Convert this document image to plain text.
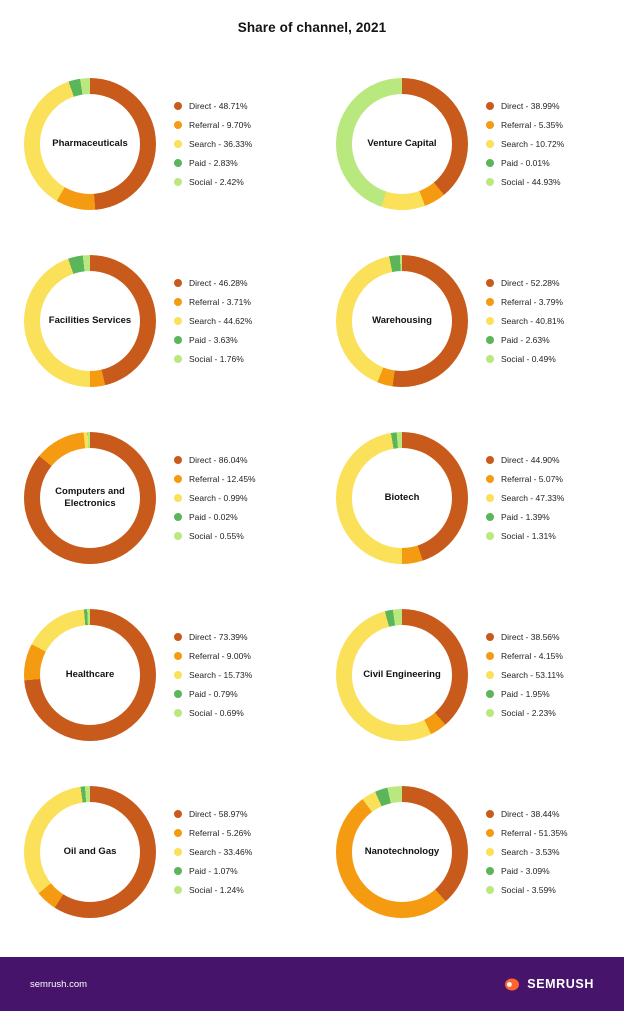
Share of channel, 2021
Pharmaceuticals
Direct - 48.71%
Referral - 9.70%
Search - 36.33%
Paid - 2.83%
Social - 2.42%
Venture Capital
Direct - 38.99%
Referral - 5.35%
Search - 10.72%
Paid - 0.01%
Social - 44.93%
Facilities Services
Direct - 46.28%
Referral - 3.71%
Search - 44.62%
Paid - 3.63%
Social - 1.76%
Warehousing
Direct - 52.28%
Referral - 3.79%
Search - 40.81%
Paid - 2.63%
Social - 0.49%
Computers and Electronics
Direct - 86.04%
Referral - 12.45%
Search - 0.99%
Paid - 0.02%
Social - 0.55%
Biotech
Direct - 44.90%
Referral - 5.07%
Search - 47.33%
Paid - 1.39%
Social - 1.31%
Healthcare
Direct - 73.39%
Referral - 9.00%
Search - 15.73%
Paid - 0.79%
Social - 0.69%
Civil Engineering
Direct - 38.56%
Referral - 4.15%
Search - 53.11%
Paid - 1.95%
Social - 2.23%
Oil and Gas
Direct - 58.97%
Referral - 5.26%
Search - 33.46%
Paid - 1.07%
Social - 1.24%
Nanotechnology
Direct - 38.44%
Referral - 51.35%
Search - 3.53%
Paid - 3.09%
Social - 3.59%
semrush.com	SEMRUSH
